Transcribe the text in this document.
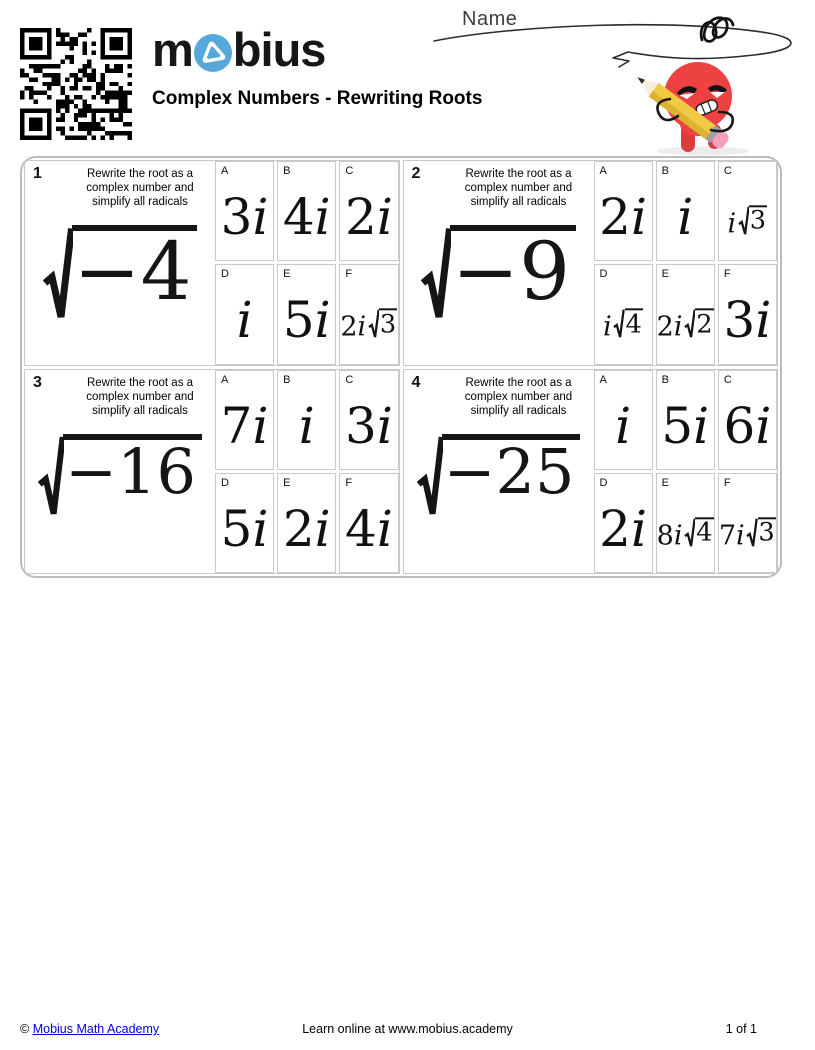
m bius
Complex Numbers - Rewriting Roots
Name
1	Rewrite the root as a complex number and simplify all radicals
−4
A
3i
B
4i
C
2i
D
i
E
5i
F
2i 3
2	Rewrite the root as a complex number and simplify all radicals
−9
A
2i
B
i
C
i 3
D
i 4
E
2i 2
F
3i
3	Rewrite the root as a complex number and simplify all radicals
−16
A
7i
B
i
C
3i
D
5i
E
2i
F
4i
4	Rewrite the root as a complex number and simplify all radicals
−25
A
i
B
5i
C
6i
D
2i
E
8i 4
F
7i 3
© Mobius Math Academy	Learn online at www.mobius.academy	1 of 1
